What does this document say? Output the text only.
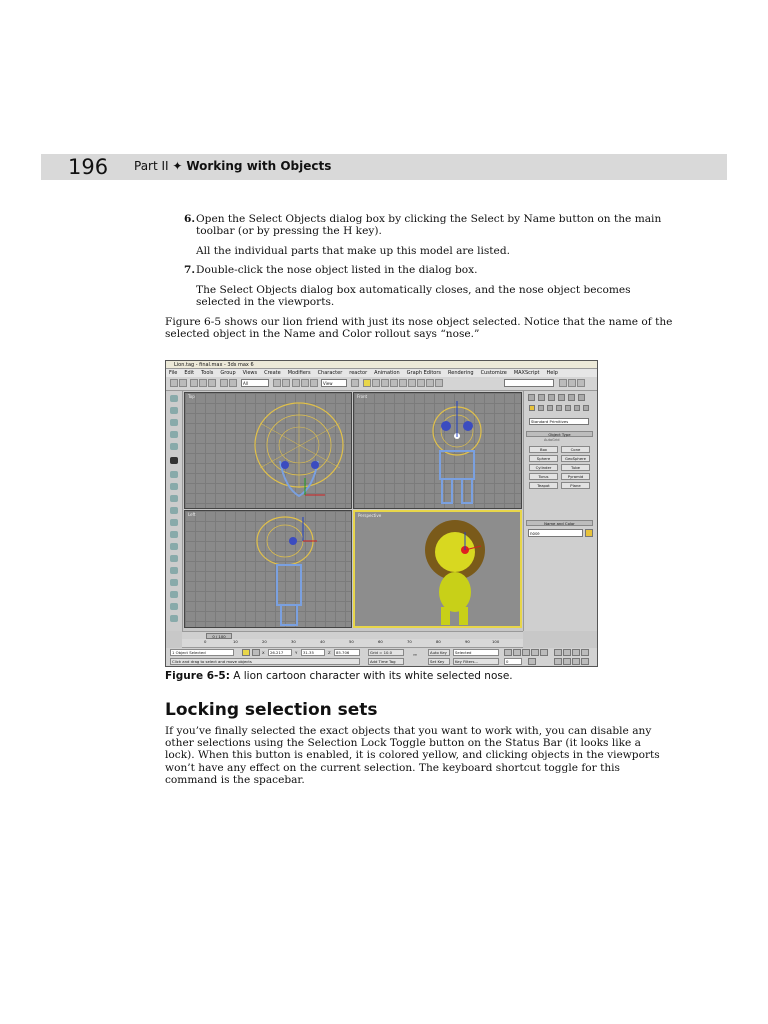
196 Part II ✦ Working with Objects
6. Open the Select Objects dialog box by clicking the Select by Name button on the main
toolbar (or by pressing the H key).
All the individual parts that make up this model are listed.
7. Double-click the nose object listed in the dialog box.
The Select Objects dialog box automatically closes, and the nose object becomes
selected in the viewports.
Figure 6-5 shows our lion friend with just its nose object selected. Notice that the name of the
selected object in the Name and Color rollout says “nose.”
Lion.tag - final.max - 3ds max 6
File Edit Tools Group Views Create Modifiers Character reactor Animation Graph Editors Rendering Customize MAXScript Help
All	View
Top	Front
Left	Perspective
Standard Primitives
Object Type
AutoGrid
Box	Cone
Sphere	GeoSphere
Cylinder	Tube
Torus	Pyramid
Teapot	Plane
Name and Color
nose
0 / 100
0	10	20	30	40	50	60	70	80	90	100
1 Object Selected	X	26.217	Y	31.35	Z	85.706	Grid = 10.0
Click and drag to select and move objects	Add Time Tag
⊶	Auto Key	Selected
Set Key	Key Filters...	0
Figure 6-5: A lion cartoon character with its white selected nose.
Locking selection sets
If you’ve finally selected the exact objects that you want to work with, you can disable any
other selections using the Selection Lock Toggle button on the Status Bar (it looks like a
lock). When this button is enabled, it is colored yellow, and clicking objects in the viewports
won’t have any effect on the current selection. The keyboard shortcut toggle for this
command is the spacebar.
